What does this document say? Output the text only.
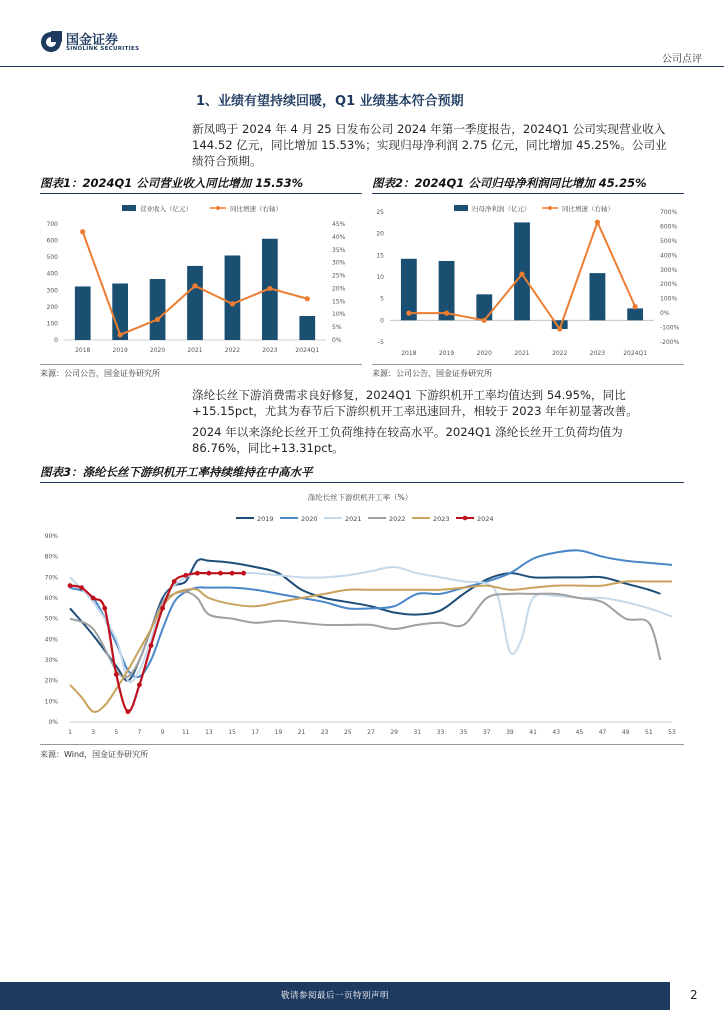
国金证券
SINOLINK SECURITIES
公司点评
1、业绩有望持续回暖，Q1 业绩基本符合预期
新凤鸣于 2024 年 4 月 25 日发布公司 2024 年第一季度报告，2024Q1 公司实现营业收入
144.52 亿元，同比增加 15.53%；实现归母净利润 2.75 亿元，同比增加 45.25%。公司业
绩符合预期。
图表1：2024Q1 公司营业收入同比增加 15.53%	图表2：2024Q1 公司归母净利润同比增加 45.25%
营业收入（亿元）	同比增速（右轴）
0
100
200
300
400
500
600
700
0%
5%
10%
15%
20%
25%
30%
35%
40%
45%
2018	2019	2020	2021	2022	2023	2024Q1
归母净利润（亿元）	同比增速（右轴）
-5
0
5
10
15
20
25
-200%
-100%
0%
100%
200%
300%
400%
500%
600%
700%
2018	2019	2020	2021	2022	2023	2024Q1
来源：公司公告，国金证券研究所	来源：公司公告，国金证券研究所
涤纶长丝下游消费需求良好修复，2024Q1 下游织机开工率均值达到 54.95%，同比
+15.15pct，尤其为春节后下游织机开工率迅速回升，相较于 2023 年年初显著改善。
2024 年以来涤纶长丝开工负荷维持在较高水平。2024Q1 涤纶长丝开工负荷均值为
86.76%，同比+13.31pct。
图表3：涤纶长丝下游织机开工率持续维持在中高水平
涤纶长丝下游织机开工率（%）
2019	2020	2021	2022	2023	2024
0%
10%
20%
30%
40%
50%
60%
70%
80%
90%
1	3	5	7	9	11	13	15	17	19	21	23	25	27	29	31	33	35	37	39	41	43	45	47	49	51	53
来源：Wind，国金证券研究所
敬请参阅最后一页特别声明	2
